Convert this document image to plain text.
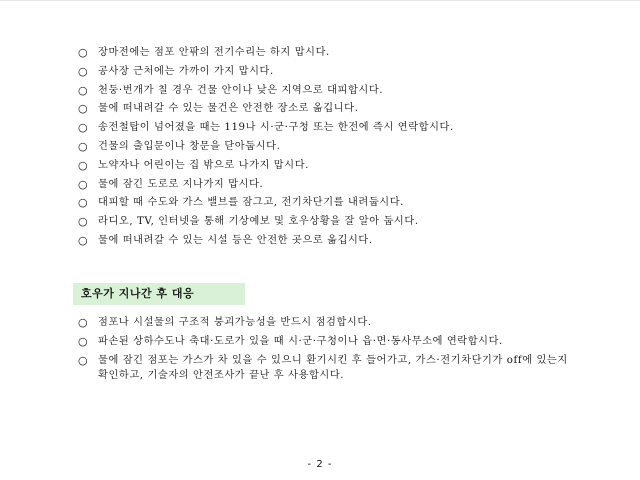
○ 장마전에는 점포 안팎의 전기수리는 하지 맙시다.
○ 공사장 근처에는 가까이 가지 맙시다.
○ 천둥·번개가 칠 경우 건물 안이나 낮은 지역으로 대피합시다.
○ 물에 떠내려갈 수 있는 물건은 안전한 장소로 옮깁니다.
○ 송전철탑이 넘어졌을 때는 119나 시·군·구청 또는 한전에 즉시 연락합시다.
○ 건물의 출입문이나 창문을 닫아둡시다.
○ 노약자나 어린이는 집 밖으로 나가지 맙시다.
○ 물에 잠긴 도로로 지나가지 맙시다.
○ 대피할 때 수도와 가스 밸브를 잠그고, 전기차단기를 내려둡시다.
○ 라디오, TV, 인터넷을 통해 기상예보 및 호우상황을 잘 알아 둡시다.
○ 물에 떠내려갈 수 있는 시설 등은 안전한 곳으로 옮깁시다.
호우가 지나간 후 대응
○ 점포나 시설물의 구조적 붕괴가능성을 반드시 점검합시다.
○ 파손된 상하수도나 축대·도로가 있을 때 시·군·구청이나 읍·면·동사무소에 연락합시다.
○ 물에 잠긴 점포는 가스가 차 있을 수 있으니 환기시킨 후 들어가고, 가스·전기차단기가 off에 있는지 확인하고, 기술자의 안전조사가 끝난 후 사용합시다.
- 2 -
